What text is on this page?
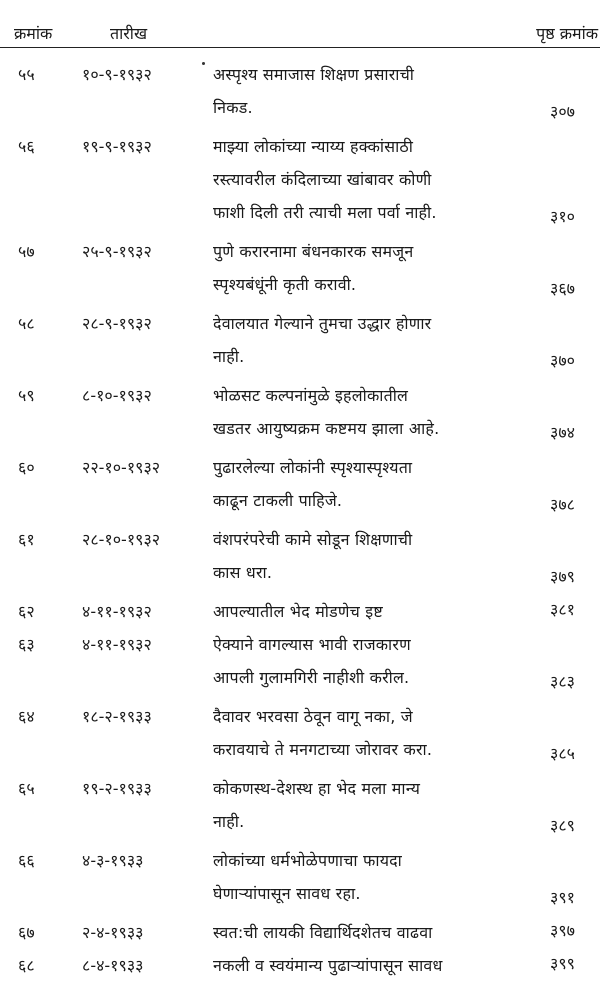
क्रमांक	तारीख	पृष्ठ क्रमांक
५५	१०-९-१९३२	अस्पृश्य समाजास शिक्षण प्रसाराची
निकड.	३०७
५६	१९-९-१९३२	माझ्या लोकांच्या न्याय्य हक्कांसाठी
रस्त्यावरील कंदिलाच्या खांबावर कोणी
फाशी दिली तरी त्याची मला पर्वा नाही.	३१०
५७	२५-९-१९३२	पुणे करारनामा बंधनकारक समजून
स्पृश्यबंधूंनी कृती करावी.	३६७
५८	२८-९-१९३२	देवालयात गेल्याने तुमचा उद्धार होणार
नाही.	३७०
५९	८-१०-१९३२	भोळसट कल्पनांमुळे इहलोकातील
खडतर आयुष्यक्रम कष्टमय झाला आहे.	३७४
६०	२२-१०-१९३२	पुढारलेल्या लोकांनी स्पृश्यास्पृश्यता
काढून टाकली पाहिजे.	३७८
६१	२८-१०-१९३२	वंशपरंपरेची कामे सोडून शिक्षणाची
कास धरा.	३७९
६२	४-११-१९३२	आपल्यातील भेद मोडणेच इष्ट	३८१
६३	४-११-१९३२	ऐक्याने वागल्यास भावी राजकारण
आपली गुलामगिरी नाहीशी करील.	३८३
६४	१८-२-१९३३	दैवावर भरवसा ठेवून वागू नका, जे
करावयाचे ते मनगटाच्या जोरावर करा.	३८५
६५	१९-२-१९३३	कोकणस्थ-देशस्थ हा भेद मला मान्य
नाही.	३८९
६६	४-३-१९३३	लोकांच्या धर्मभोळेपणाचा फायदा
घेणाऱ्यांपासून सावध रहा.	३९१
६७	२-४-१९३३	स्वत:ची लायकी विद्यार्थिदशेतच वाढवा	३९७
६८	८-४-१९३३	नकली व स्वयंमान्य पुढाऱ्यांपासून सावध	३९९
